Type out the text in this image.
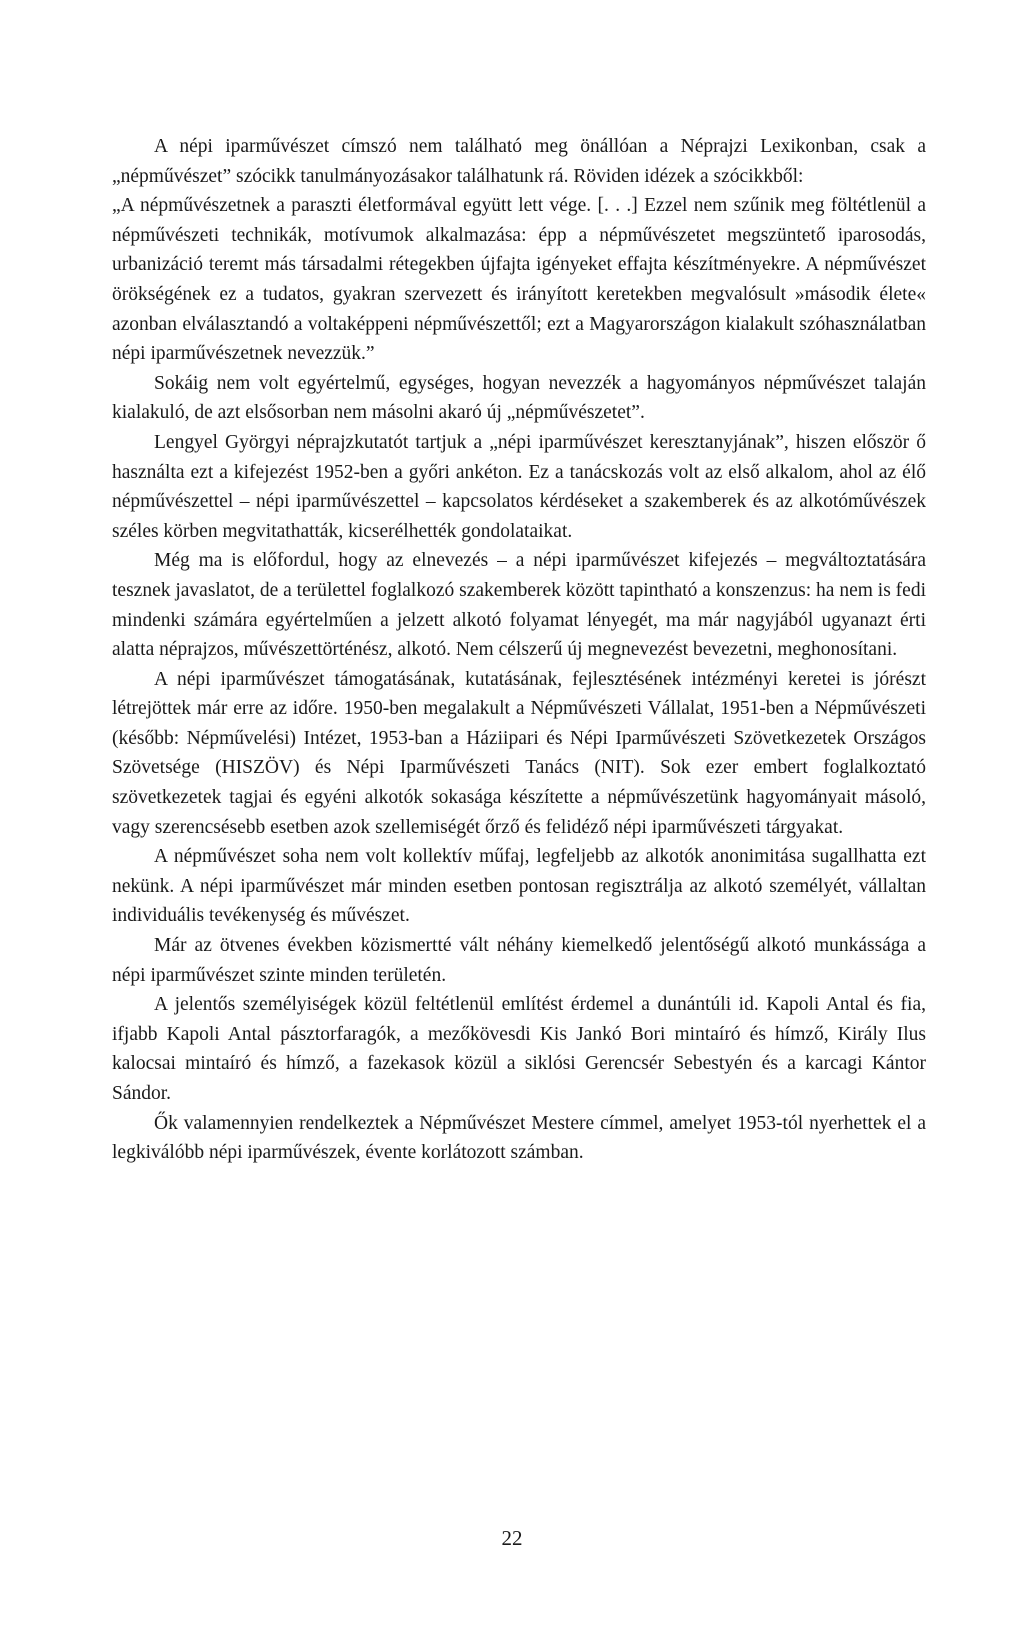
A népi iparművészet címszó nem található meg önállóan a Néprajzi Lexikonban, csak a „népművészet” szócikk tanulmányozásakor találhatunk rá. Röviden idézek a szócikkből:

„A népművészetnek a paraszti életformával együtt lett vége. [. . .] Ezzel nem szűnik meg föltétlenül a népművészeti technikák, motívumok alkalmazása: épp a népművészetet megszüntető iparosodás, urbanizáció teremt más társadalmi rétegekben újfajta igényeket effajta készítményekre. A népművészet örökségének ez a tudatos, gyakran szervezett és irányított keretekben megvalósult »második élete« azonban elválasztandó a voltaképpeni népművészettől; ezt a Magyarországon kialakult szóhasználatban népi iparművészetnek nevezzük.”

Sokáig nem volt egyértelmű, egységes, hogyan nevezzék a hagyományos népművészet talaján kialakuló, de azt elsősorban nem másolni akaró új „népművészetet”.

Lengyel Györgyi néprajzkutatót tartjuk a „népi iparművészet keresztanyjának”, hiszen először ő használta ezt a kifejezést 1952-ben a győri ankéton. Ez a tanácskozás volt az első alkalom, ahol az élő népművészettel – népi iparművészettel – kapcsolatos kérdéseket a szakemberek és az alkotóművészek széles körben megvitathatták, kicserélhették gondolataikat.

Még ma is előfordul, hogy az elnevezés – a népi iparművészet kifejezés – megváltoztatására tesznek javaslatot, de a területtel foglalkozó szakemberek között tapintható a konszenzus: ha nem is fedi mindenki számára egyértelműen a jelzett alkotó folyamat lényegét, ma már nagyjából ugyanazt érti alatta néprajzos, művészettörténész, alkotó. Nem célszerű új megnevezést bevezetni, meghonosítani.

A népi iparművészet támogatásának, kutatásának, fejlesztésének intézményi keretei is jórészt létrejöttek már erre az időre. 1950-ben megalakult a Népművészeti Vállalat, 1951-ben a Népművészeti (később: Népművelési) Intézet, 1953-ban a Háziipari és Népi Iparművészeti Szövetkezetek Országos Szövetsége (HISZÖV) és Népi Iparművészeti Tanács (NIT). Sok ezer embert foglalkoztató szövetkezetek tagjai és egyéni alkotók sokasága készítette a népművészetünk hagyományait másoló, vagy szerencsésebb esetben azok szellemiségét őrző és felidéző népi iparművészeti tárgyakat.

A népművészet soha nem volt kollektív műfaj, legfeljebb az alkotók anonimitása sugallhatta ezt nekünk. A népi iparművészet már minden esetben pontosan regisztrálja az alkotó személyét, vállaltan individuális tevékenység és művészet.

Már az ötvenes években közismertté vált néhány kiemelkedő jelentőségű alkotó munkássága a népi iparművészet szinte minden területén.

A jelentős személyiségek közül feltétlenül említést érdemel a dunántúli id. Kapoli Antal és fia, ifjabb Kapoli Antal pásztorfaragók, a mezőkövesdi Kis Jankó Bori mintaíró és hímző, Király Ilus kalocsai mintaíró és hímző, a fazekasok közül a siklósi Gerencsér Sebestyén és a karcagi Kántor Sándor.

Ők valamennyien rendelkeztek a Népművészet Mestere címmel, amelyet 1953-tól nyerhettek el a legkiválóbb népi iparművészek, évente korlátozott számban.

22
